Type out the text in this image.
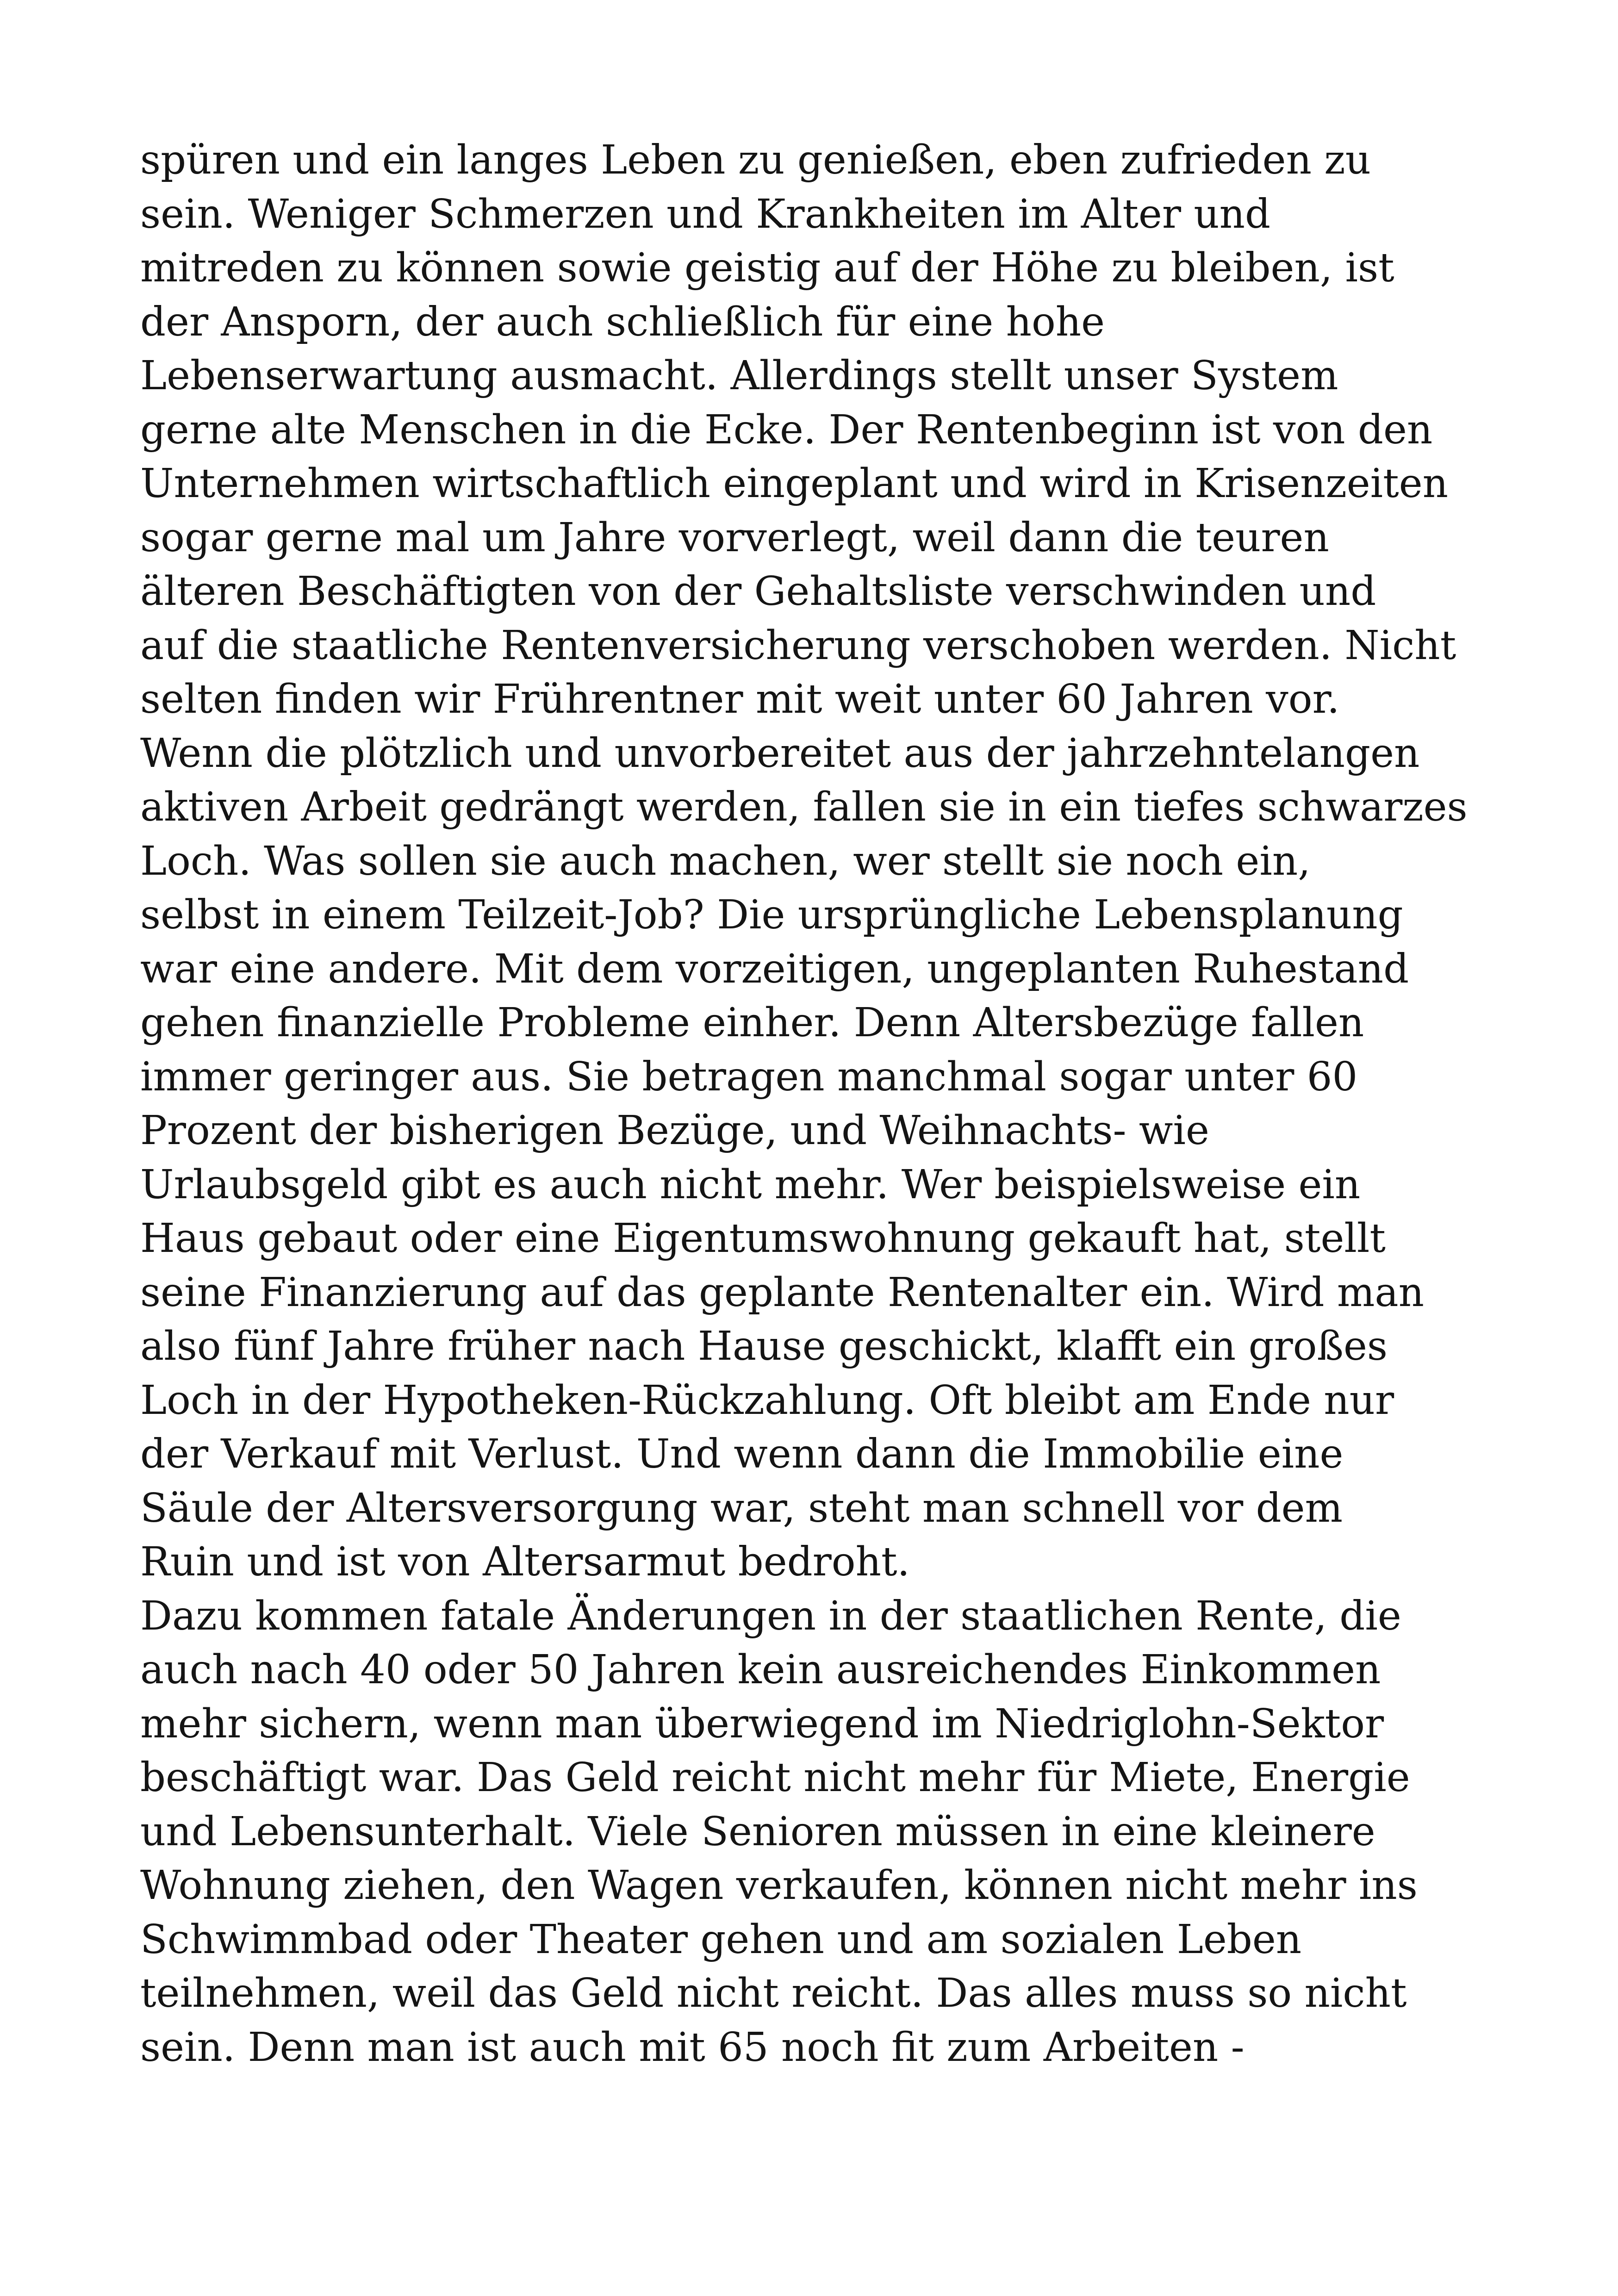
spüren und ein langes Leben zu genießen, eben zufrieden zu
sein. Weniger Schmerzen und Krankheiten im Alter und
mitreden zu können sowie geistig auf der Höhe zu bleiben, ist
der Ansporn, der auch schließlich für eine hohe
Lebenserwartung ausmacht. Allerdings stellt unser System
gerne alte Menschen in die Ecke. Der Rentenbeginn ist von den
Unternehmen wirtschaftlich eingeplant und wird in Krisenzeiten
sogar gerne mal um Jahre vorverlegt, weil dann die teuren
älteren Beschäftigten von der Gehaltsliste verschwinden und
auf die staatliche Rentenversicherung verschoben werden. Nicht
selten finden wir Frührentner mit weit unter 60 Jahren vor.
Wenn die plötzlich und unvorbereitet aus der jahrzehntelangen
aktiven Arbeit gedrängt werden, fallen sie in ein tiefes schwarzes
Loch. Was sollen sie auch machen, wer stellt sie noch ein,
selbst in einem Teilzeit-Job? Die ursprüngliche Lebensplanung
war eine andere. Mit dem vorzeitigen, ungeplanten Ruhestand
gehen finanzielle Probleme einher. Denn Altersbezüge fallen
immer geringer aus. Sie betragen manchmal sogar unter 60
Prozent der bisherigen Bezüge, und Weihnachts- wie
Urlaubsgeld gibt es auch nicht mehr. Wer beispielsweise ein
Haus gebaut oder eine Eigentumswohnung gekauft hat, stellt
seine Finanzierung auf das geplante Rentenalter ein. Wird man
also fünf Jahre früher nach Hause geschickt, klafft ein großes
Loch in der Hypotheken-Rückzahlung. Oft bleibt am Ende nur
der Verkauf mit Verlust. Und wenn dann die Immobilie eine
Säule der Altersversorgung war, steht man schnell vor dem
Ruin und ist von Altersarmut bedroht.
Dazu kommen fatale Änderungen in der staatlichen Rente, die
auch nach 40 oder 50 Jahren kein ausreichendes Einkommen
mehr sichern, wenn man überwiegend im Niedriglohn-Sektor
beschäftigt war. Das Geld reicht nicht mehr für Miete, Energie
und Lebensunterhalt. Viele Senioren müssen in eine kleinere
Wohnung ziehen, den Wagen verkaufen, können nicht mehr ins
Schwimmbad oder Theater gehen und am sozialen Leben
teilnehmen, weil das Geld nicht reicht. Das alles muss so nicht
sein. Denn man ist auch mit 65 noch fit zum Arbeiten -
